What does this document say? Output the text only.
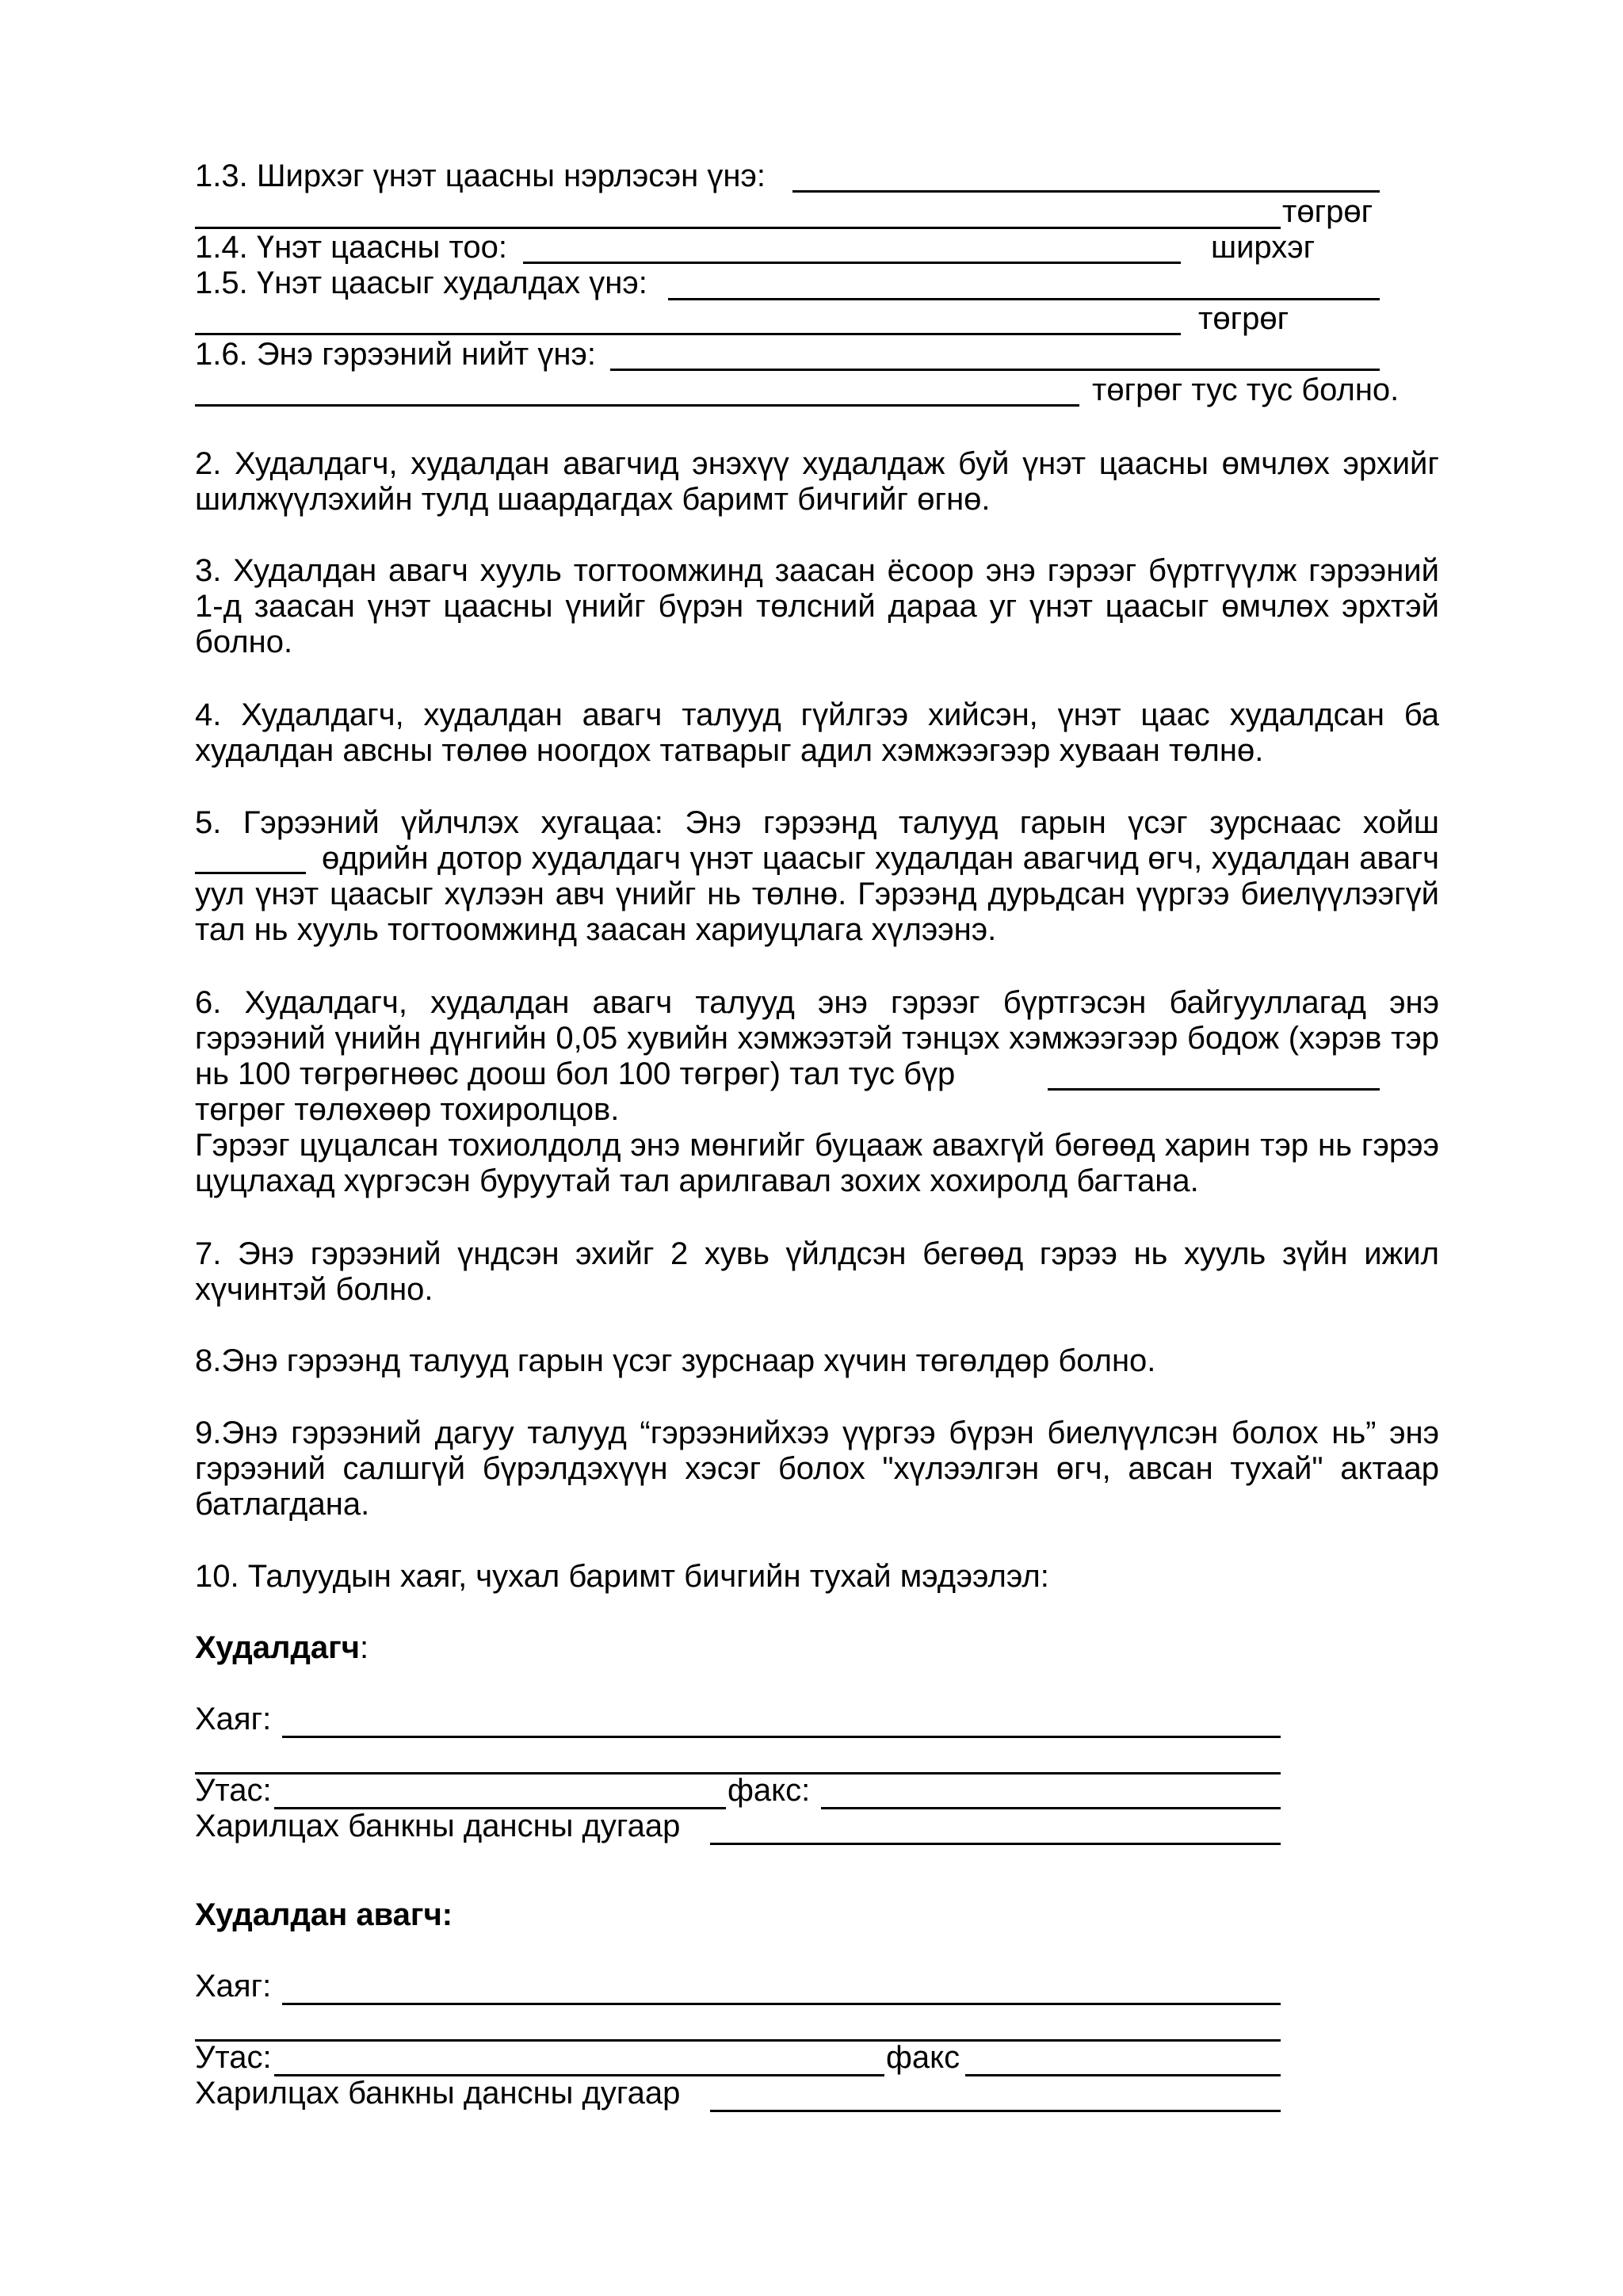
1.3. Ширхэг үнэт цаасны нэрлэсэн үнэ:
төгрөг
1.4. Үнэт цаасны тоо:	ширхэг
1.5. Үнэт цаасыг худалдах үнэ:
төгрөг
1.6. Энэ гэрээний нийт үнэ:
төгрөг тус тус болно.
2. Худалдагч, худалдан авагчид энэхүү худалдаж буй үнэт цаасны өмчлөх эрхийг шилжүүлэхийн тулд шаардагдах баримт бичгийг өгнө.
3. Худалдан авагч хууль тогтоомжинд заасан ёсоор энэ гэрээг бүртгүүлж гэрээний 1-д заасан үнэт цаасны үнийг бүрэн төлсний дараа уг үнэт цаасыг өмчлөх эрхтэй болно.
4. Худалдагч, худалдан авагч талууд гүйлгээ хийсэн, үнэт цаас худалдсан ба худалдан авсны төлөө ноогдох татварыг адил хэмжээгээр хуваан төлнө.
5. Гэрээний үйлчлэх хугацаа: Энэ гэрээнд талууд гарын үсэг зурснаас хойш
өдрийн дотор худалдагч үнэт цаасыг худалдан авагчид өгч, худалдан авагч уул үнэт цаасыг хүлээн авч үнийг нь төлнө. Гэрээнд дурьдсан үүргээ биелүүлээгүй тал нь хууль тогтоомжинд заасан хариуцлага хүлээнэ.
6. Худалдагч, худалдан авагч талууд энэ гэрээг бүртгэсэн байгууллагад энэ гэрээний үнийн дүнгийн 0,05 хувийн хэмжээтэй тэнцэх хэмжээгээр бодож (хэрэв тэр нь 100 төгрөгнөөс доош бол 100 төгрөг) тал тус бүр
төгрөг төлөхөөр тохиролцов.
Гэрээг цуцалсан тохиолдолд энэ мөнгийг буцааж авахгүй бөгөөд харин тэр нь гэрээ цуцлахад хүргэсэн буруутай тал арилгавал зохих хохиролд багтана.
7. Энэ гэрээний үндсэн эхийг 2 хувь үйлдсэн бегөөд гэрээ нь хууль зүйн ижил хүчинтэй болно.
8.Энэ гэрээнд талууд гарын үсэг зурснаар хүчин төгөлдөр болно.
9.Энэ гэрээний дагуу талууд “гэрээнийхээ үүргээ бүрэн биелүүлсэн болох нь” энэ гэрээний салшгүй бүрэлдэхүүн хэсэг болох "хүлээлгэн өгч, авсан тухай" актаар батлагдана.
10. Талуудын хаяг, чухал баримт бичгийн тухай мэдээлэл:
Худалдагч:
Хаяг:
Утас:	факс:
Харилцах банкны дансны дугаар
Худалдан авагч:
Хаяг:
Утас:	факс
Харилцах банкны дансны дугаар
